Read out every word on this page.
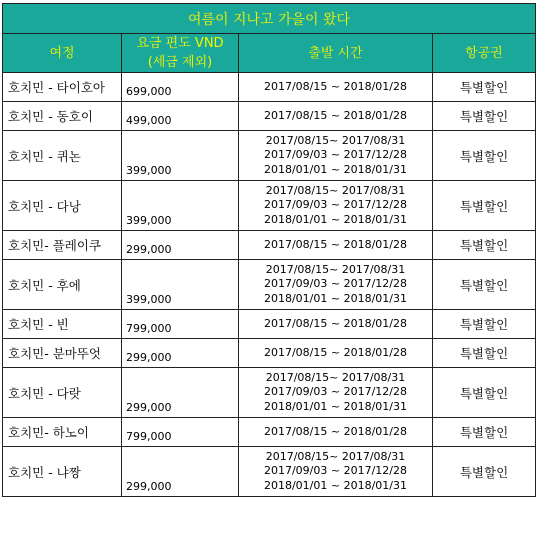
여름이 지나고 가을이 왔다			
여정	요금 편도 VND
(세금 제외)	출발 시간	항공권
호치민 - 타이호아	699,000	2017/08/15 ~ 2018/01/28	특별할인
호치민 - 동호이	499,000	2017/08/15 ~ 2018/01/28	특별할인
호치민 - 퀴논	399,000	2017/08/15~ 2017/08/31
2017/09/03 ~ 2017/12/28
2018/01/01 ~ 2018/01/31	특별할인
호치민 - 다낭	399,000	2017/08/15~ 2017/08/31
2017/09/03 ~ 2017/12/28
2018/01/01 ~ 2018/01/31	특별할인
호치민- 플레이쿠	299,000	2017/08/15 ~ 2018/01/28	특별할인
호치민 - 후에	399,000	2017/08/15~ 2017/08/31
2017/09/03 ~ 2017/12/28
2018/01/01 ~ 2018/01/31	특별할인
호치민 - 빈	799,000	2017/08/15 ~ 2018/01/28	특별할인
호치민- 분마뚜엇	299,000	2017/08/15 ~ 2018/01/28	특별할인
호치민 - 다랏	299,000	2017/08/15~ 2017/08/31
2017/09/03 ~ 2017/12/28
2018/01/01 ~ 2018/01/31	특별할인
호치민- 하노이	799,000	2017/08/15 ~ 2018/01/28	특별할인
호치민 - 냐짱	299,000	2017/08/15~ 2017/08/31
2017/09/03 ~ 2017/12/28
2018/01/01 ~ 2018/01/31	특별할인
